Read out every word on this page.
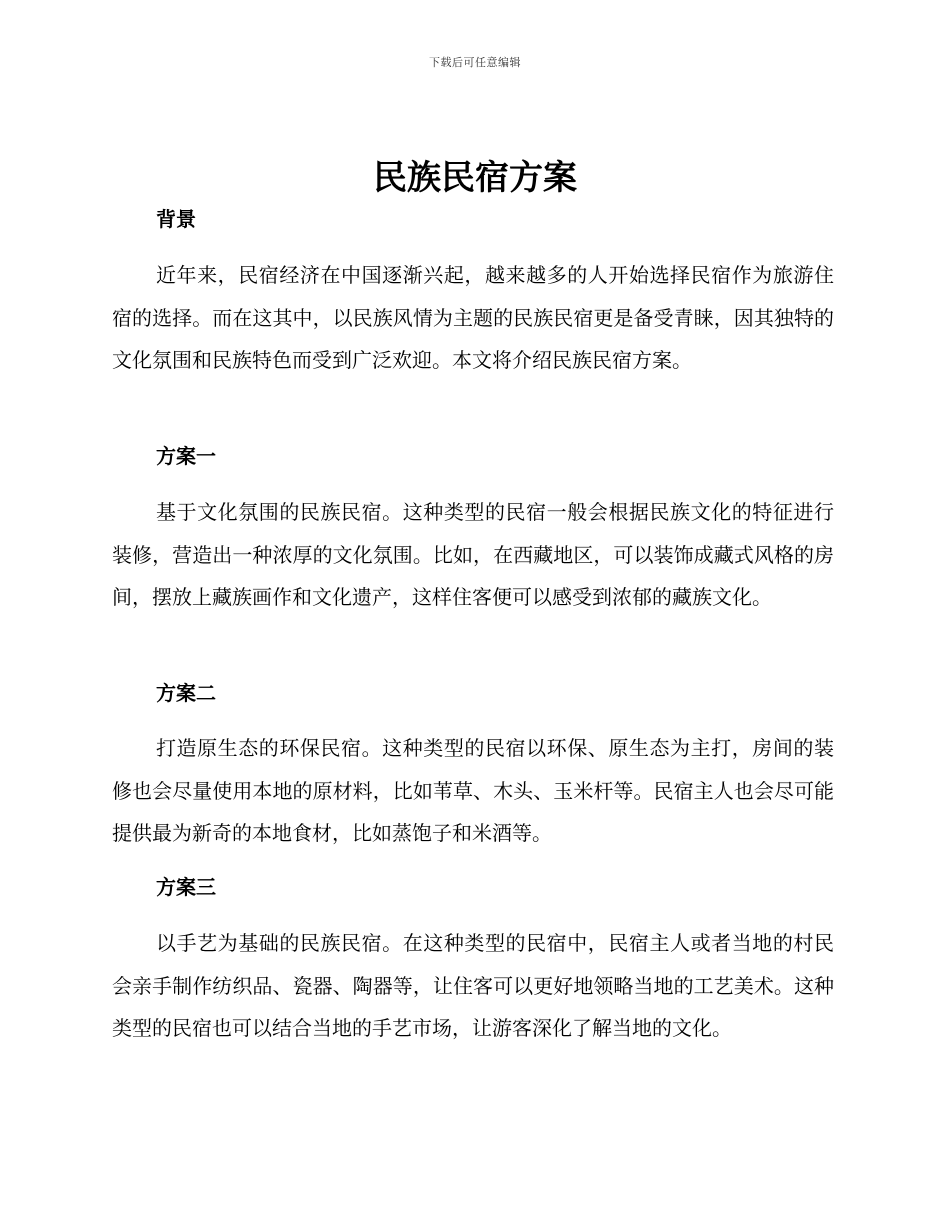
下载后可任意编辑
民族民宿方案
背景

近年来，民宿经济在中国逐渐兴起，越来越多的人开始选择民宿作为旅游住宿的选择。而在这其中，以民族风情为主题的民族民宿更是备受青睐，因其独特的文化氛围和民族特色而受到广泛欢迎。本文将介绍民族民宿方案。

方案一

基于文化氛围的民族民宿。这种类型的民宿一般会根据民族文化的特征进行装修，营造出一种浓厚的文化氛围。比如，在西藏地区，可以装饰成藏式风格的房间，摆放上藏族画作和文化遗产，这样住客便可以感受到浓郁的藏族文化。

方案二

打造原生态的环保民宿。这种类型的民宿以环保、原生态为主打，房间的装修也会尽量使用本地的原材料，比如苇草、木头、玉米杆等。民宿主人也会尽可能提供最为新奇的本地食材，比如蒸饱子和米酒等。

方案三

以手艺为基础的民族民宿。在这种类型的民宿中，民宿主人或者当地的村民会亲手制作纺织品、瓷器、陶器等，让住客可以更好地领略当地的工艺美术。这种类型的民宿也可以结合当地的手艺市场，让游客深化了解当地的文化。
